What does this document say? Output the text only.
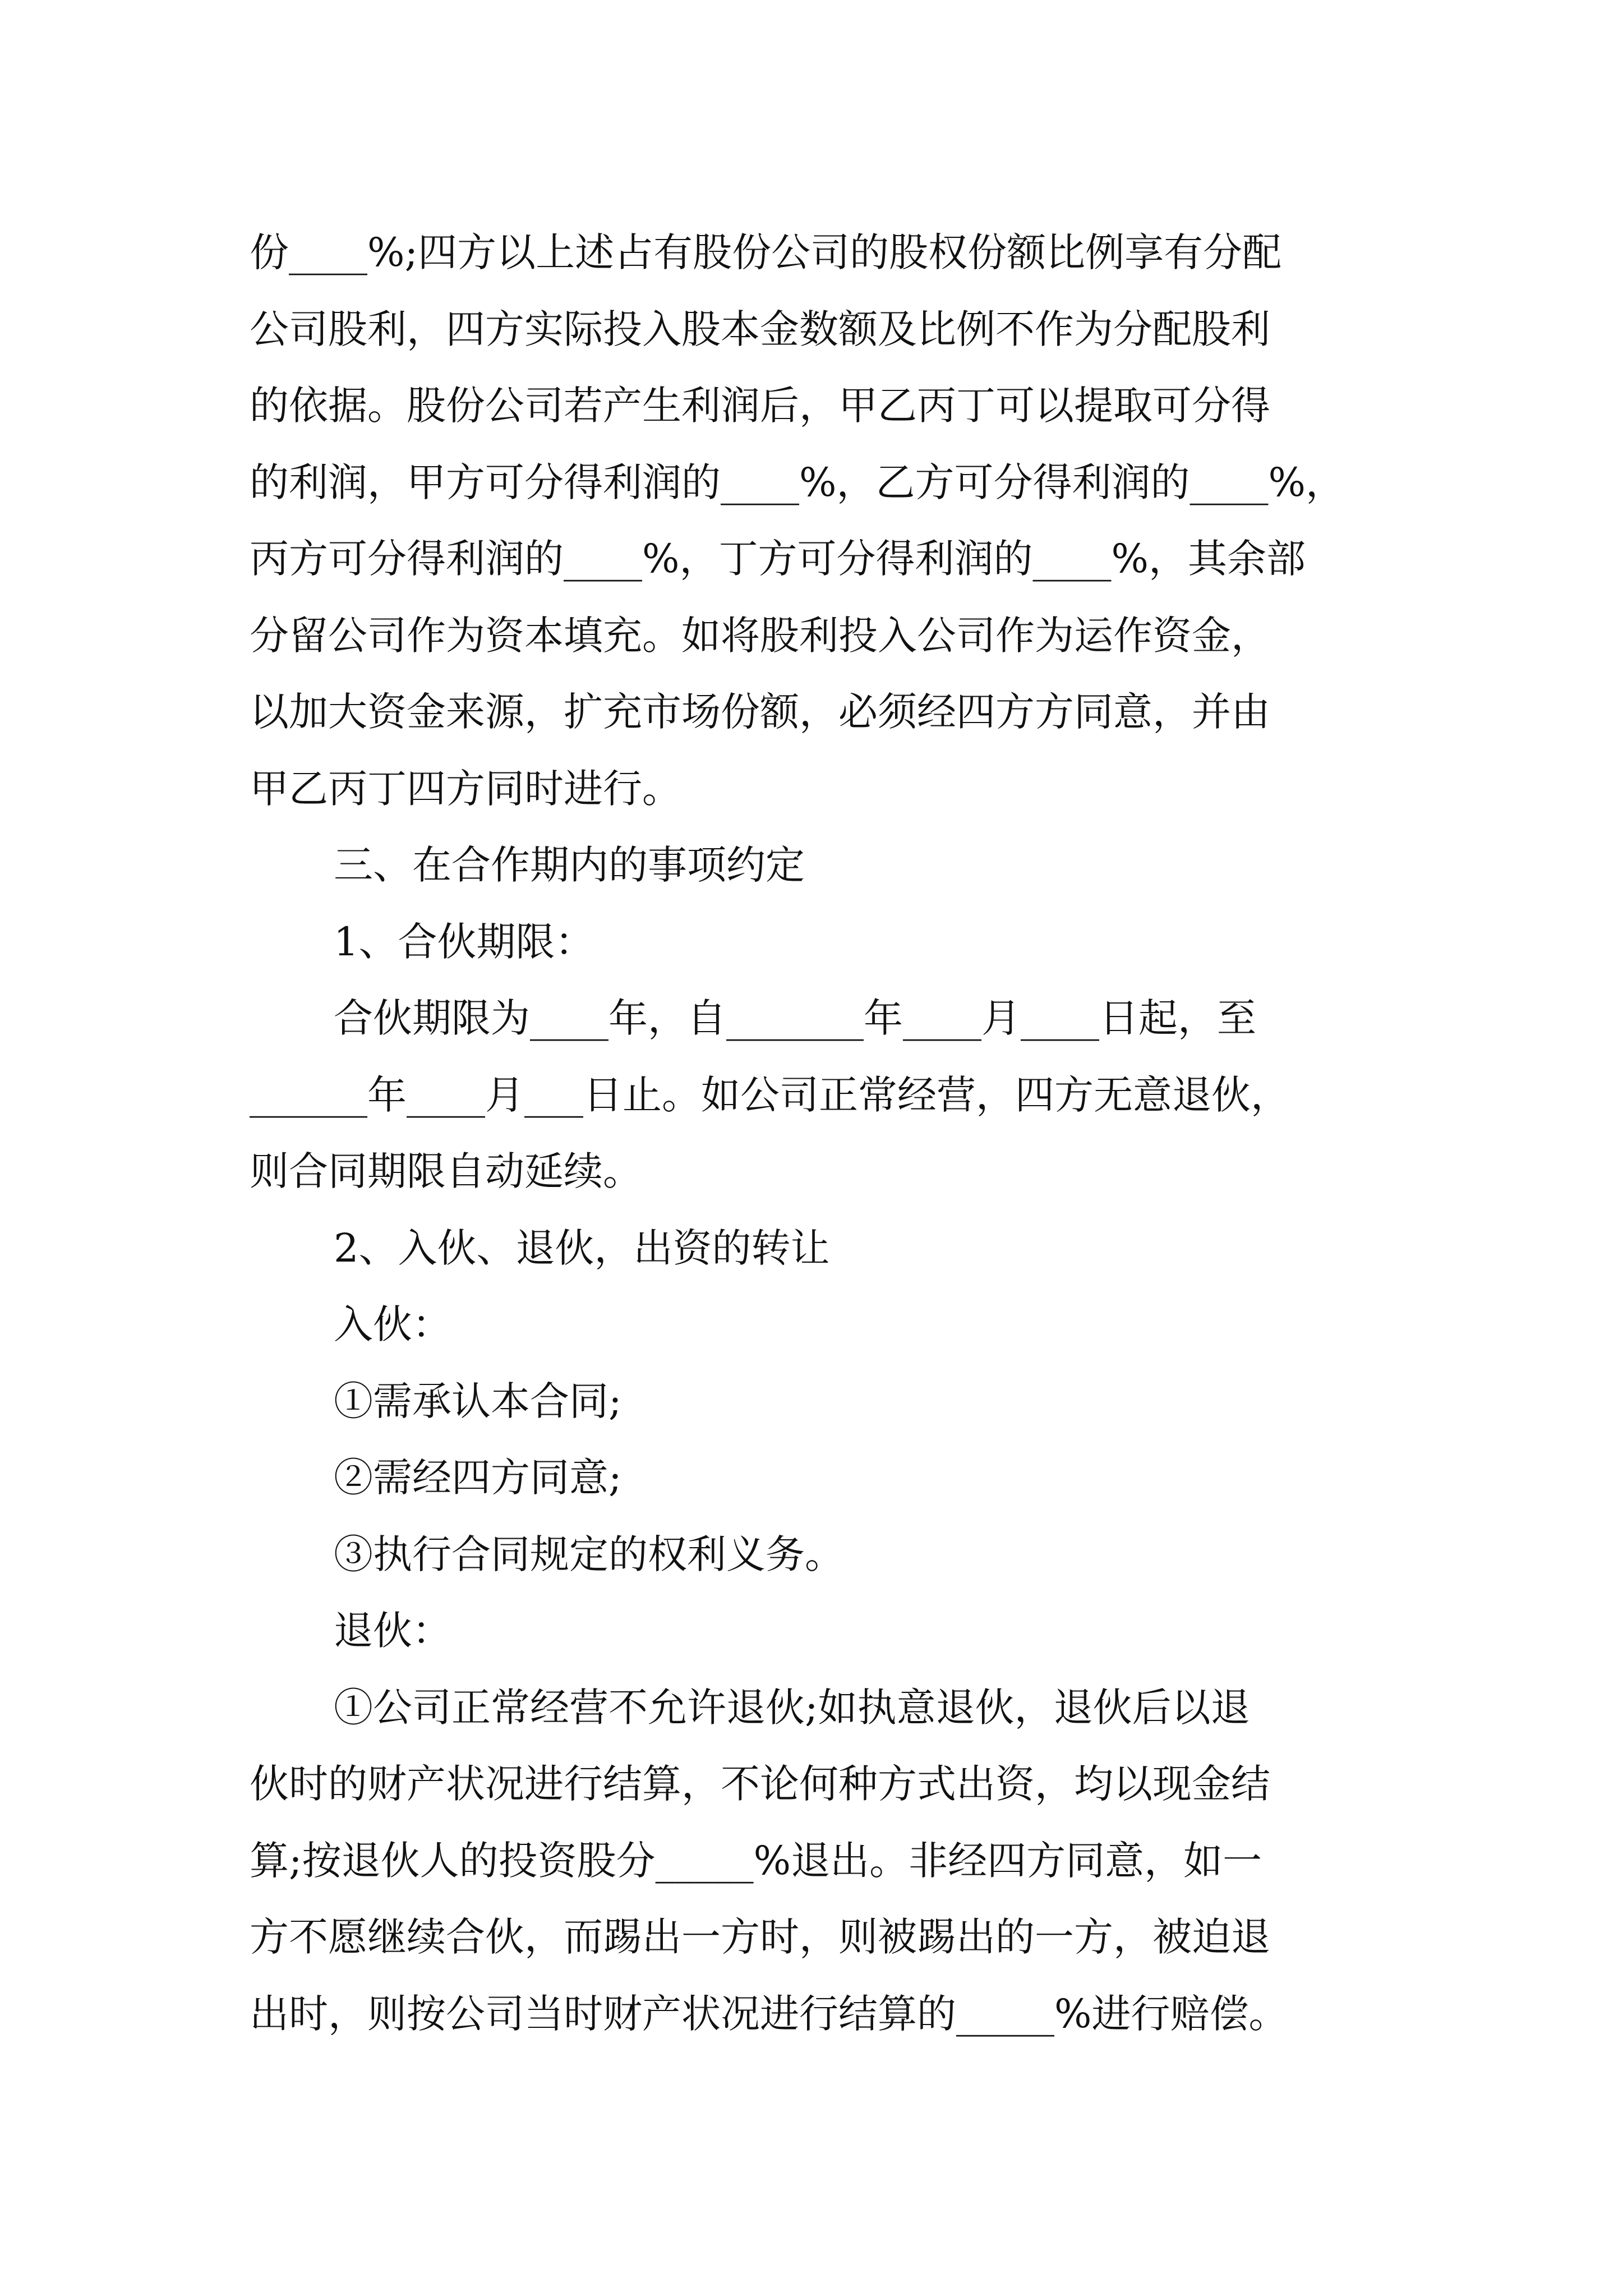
份____%;四方以上述占有股份公司的股权份额比例享有分配
公司股利，四方实际投入股本金数额及比例不作为分配股利
的依据。股份公司若产生利润后，甲乙丙丁可以提取可分得
的利润，甲方可分得利润的____%，乙方可分得利润的____%，
丙方可分得利润的____%，丁方可分得利润的____%，其余部
分留公司作为资本填充。如将股利投入公司作为运作资金，
以加大资金来源，扩充市场份额，必须经四方方同意，并由
甲乙丙丁四方同时进行。
三、在合作期内的事项约定
1、合伙期限：
合伙期限为____年，自_______年____月____日起，至
______年____月___日止。如公司正常经营，四方无意退伙，
则合同期限自动延续。
2、入伙、退伙，出资的转让
入伙：
①需承认本合同;
②需经四方同意;
③执行合同规定的权利义务。
退伙：
①公司正常经营不允许退伙;如执意退伙，退伙后以退
伙时的财产状况进行结算，不论何种方式出资，均以现金结
算;按退伙人的投资股分_____%退出。非经四方同意，如一
方不愿继续合伙，而踢出一方时，则被踢出的一方，被迫退
出时，则按公司当时财产状况进行结算的_____%进行赔偿。
